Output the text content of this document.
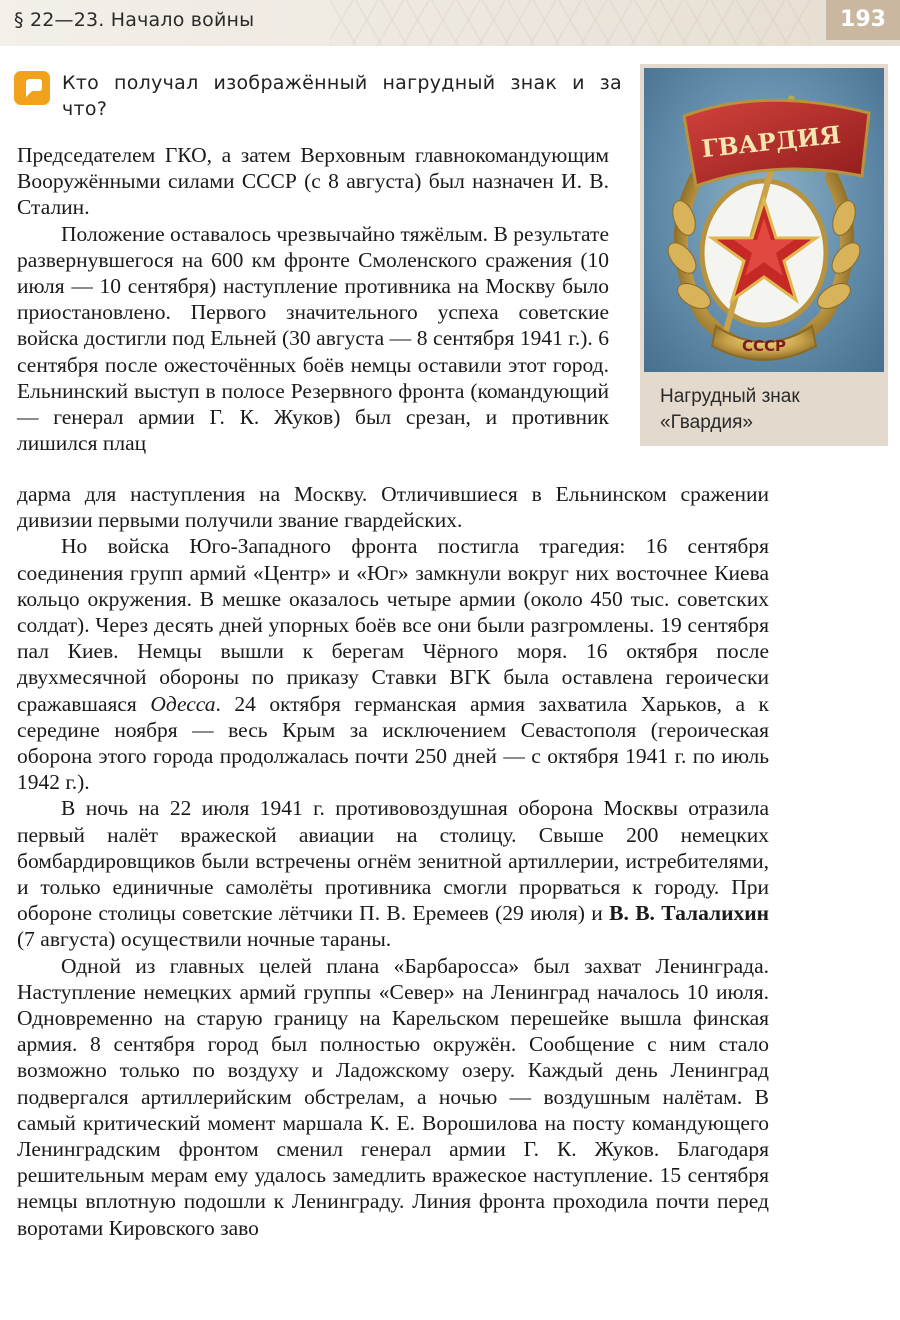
§ 22—23. Начало войны	193
Кто получал изображённый нагрудный знак и за что?
ГВАРДИЯ
СССР
Нагрудный знак
«Гвардия»

Председателем ГКО, а затем Верховным главнокомандующим Вооружёнными силами СССР (с 8 августа) был назначен И. В. Сталин.

Положение оставалось чрезвычайно тяжёлым. В результате развернувшегося на 600 км фронте Смоленского сражения (10 июля — 10 сентября) наступление противника на Москву было приостановлено. Первого значительного успеха советские войска достигли под Ельней (30 августа — 8 сентября 1941 г.). 6 сентября после ожесточённых боёв немцы оставили этот город. Ельнинский выступ в полосе Резервного фронта (командующий — генерал армии Г. К. Жуков) был срезан, и противник лишился плац

дарма для наступления на Москву. Отличившиеся в Ельнинском сражении дивизии первыми получили звание гвардейских.

Но войска Юго-Западного фронта постигла трагедия: 16 сентября соединения групп армий «Центр» и «Юг» замкнули вокруг них восточнее Киева кольцо окружения. В мешке оказалось четыре армии (около 450 тыс. советских солдат). Через десять дней упорных боёв все они были разгромлены. 19 сентября пал Киев. Немцы вышли к берегам Чёрного моря. 16 октября после двухмесячной обороны по приказу Ставки ВГК была оставлена героически сражавшаяся Одесса. 24 октября германская армия захватила Харьков, а к середине ноября — весь Крым за исключением Севастополя (героическая оборона этого города продолжалась почти 250 дней — с октября 1941 г. по июль 1942 г.).

В ночь на 22 июля 1941 г. противовоздушная оборона Москвы отразила первый налёт вражеской авиации на столицу. Свыше 200 немецких бомбардировщиков были встречены огнём зенитной артиллерии, истребителями, и только единичные самолёты противника смогли прорваться к городу. При обороне столицы советские лётчики П. В. Еремеев (29 июля) и В. В. Талалихин (7 августа) осуществили ночные тараны.

Одной из главных целей плана «Барбаросса» был захват Ленинграда. Наступление немецких армий группы «Север» на Ленинград началось 10 июля. Одновременно на старую границу на Карельском перешейке вышла финская армия. 8 сентября город был полностью окружён. Сообщение с ним стало возможно только по воздуху и Ладожскому озеру. Каждый день Ленинград подвергался артиллерийским обстрелам, а ночью — воздушным налётам. В самый критический момент маршала К. Е. Ворошилова на посту командующего Ленинградским фронтом сменил генерал армии Г. К. Жуков. Благодаря решительным мерам ему удалось замедлить вражеское наступление. 15 сентября немцы вплотную подошли к Ленинграду. Линия фронта проходила почти перед воротами Кировского заво
